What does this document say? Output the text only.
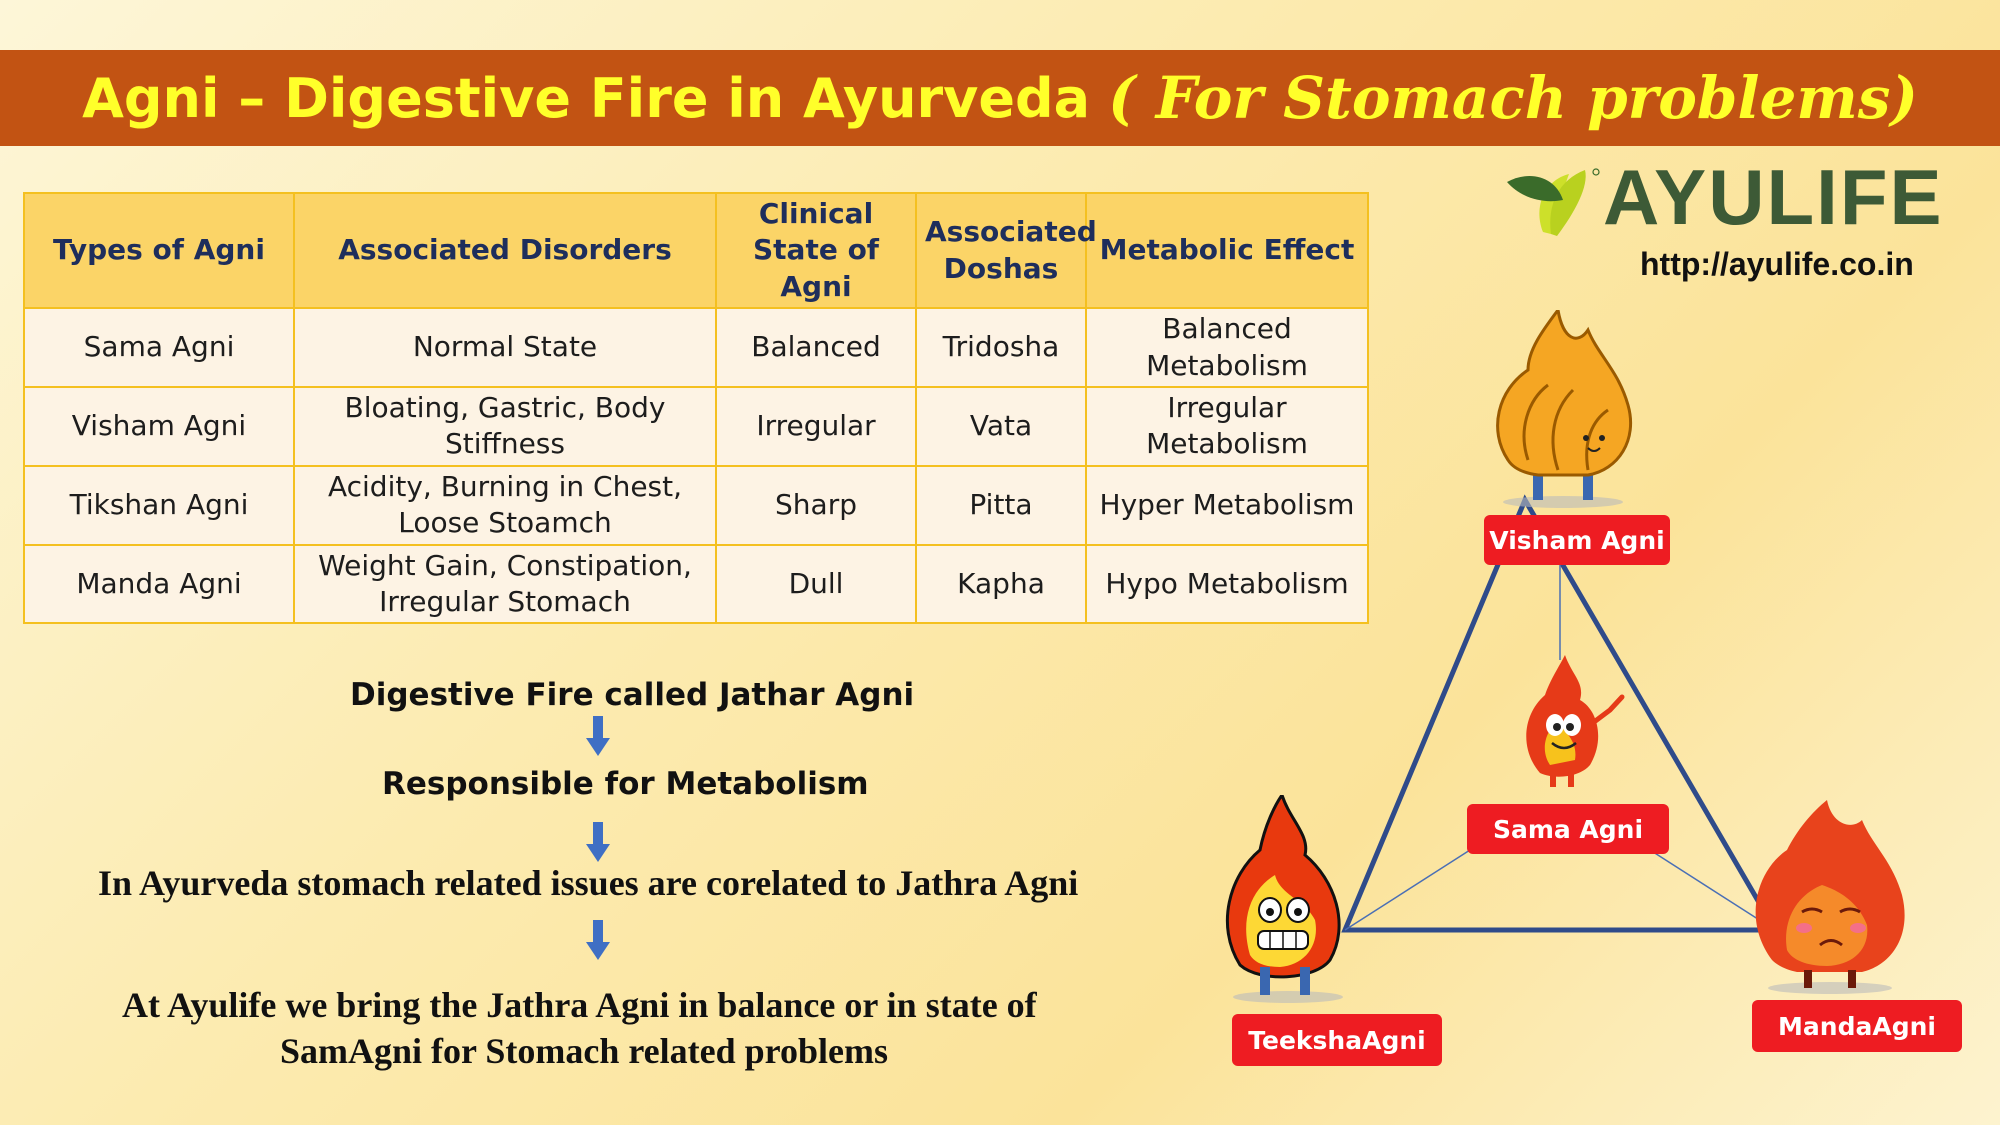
Agni – Digestive Fire in Ayurveda ( For Stomach problems)
Types of Agni	Associated Disorders	Clinical State of Agni	Associated Doshas	Metabolic Effect
Sama Agni	Normal State	Balanced	Tridosha	Balanced Metabolism
Visham Agni	Bloating, Gastric, Body Stiffness	Irregular	Vata	Irregular Metabolism
Tikshan Agni	Acidity, Burning in Chest, Loose Stoamch	Sharp	Pitta	Hyper Metabolism
Manda Agni	Weight Gain, Constipation, Irregular Stomach	Dull	Kapha	Hypo Metabolism
AYULIFE
http://ayulife.co.in
Digestive Fire called Jathar Agni
Responsible for Metabolism
In Ayurveda stomach related issues are corelated to Jathra Agni
At Ayulife we bring the Jathra Agni in balance or in state of
SamAgni for Stomach related problems
Visham Agni
Sama Agni
TeekshaAgni	MandaAgni
